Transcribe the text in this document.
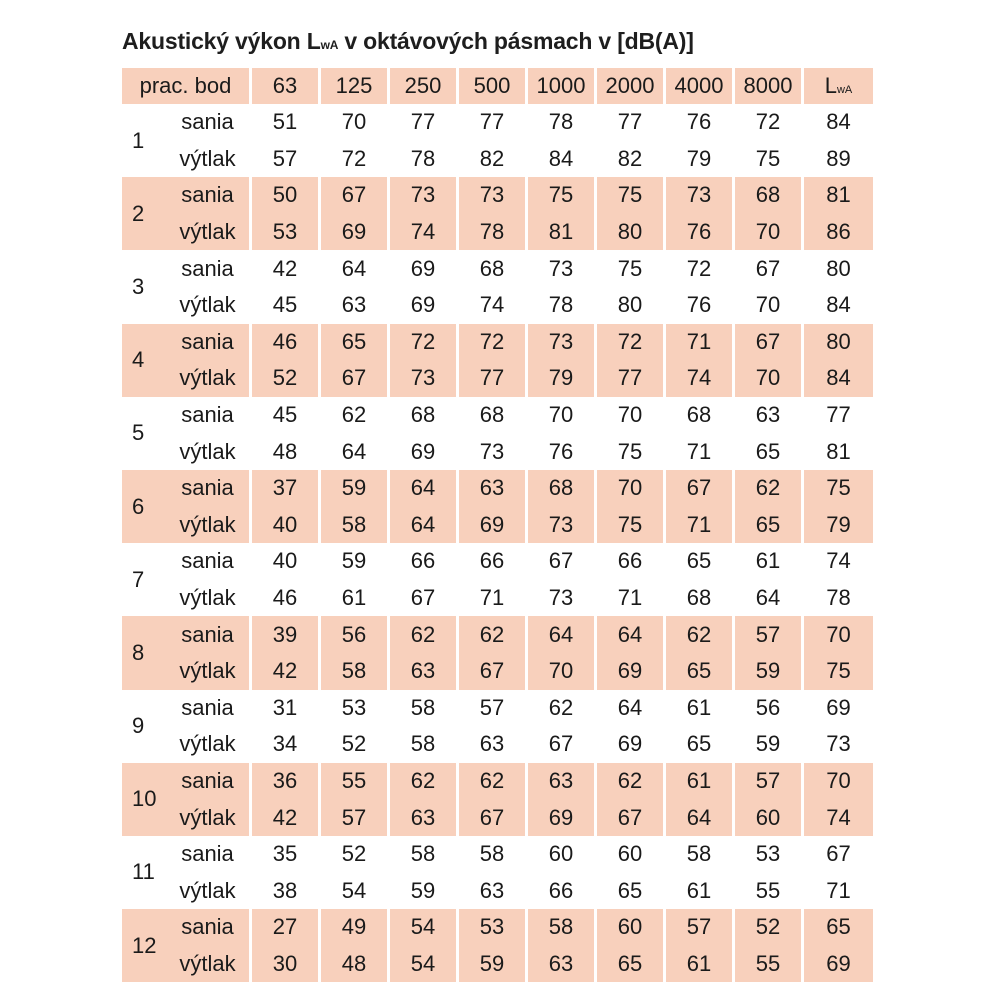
Akustický výkon LwA v oktávových pásmach v [dB(A)]
prac. bod		63	125	250	500	1000	2000	4000	8000	LwA
1	sania	51	70	77	77	78	77	76	72	84
	výtlak	57	72	78	82	84	82	79	75	89
2	sania	50	67	73	73	75	75	73	68	81
	výtlak	53	69	74	78	81	80	76	70	86
3	sania	42	64	69	68	73	75	72	67	80
	výtlak	45	63	69	74	78	80	76	70	84
4	sania	46	65	72	72	73	72	71	67	80
	výtlak	52	67	73	77	79	77	74	70	84
5	sania	45	62	68	68	70	70	68	63	77
	výtlak	48	64	69	73	76	75	71	65	81
6	sania	37	59	64	63	68	70	67	62	75
	výtlak	40	58	64	69	73	75	71	65	79
7	sania	40	59	66	66	67	66	65	61	74
	výtlak	46	61	67	71	73	71	68	64	78
8	sania	39	56	62	62	64	64	62	57	70
	výtlak	42	58	63	67	70	69	65	59	75
9	sania	31	53	58	57	62	64	61	56	69
	výtlak	34	52	58	63	67	69	65	59	73
10	sania	36	55	62	62	63	62	61	57	70
	výtlak	42	57	63	67	69	67	64	60	74
11	sania	35	52	58	58	60	60	58	53	67
	výtlak	38	54	59	63	66	65	61	55	71
12	sania	27	49	54	53	58	60	57	52	65
	výtlak	30	48	54	59	63	65	61	55	69
